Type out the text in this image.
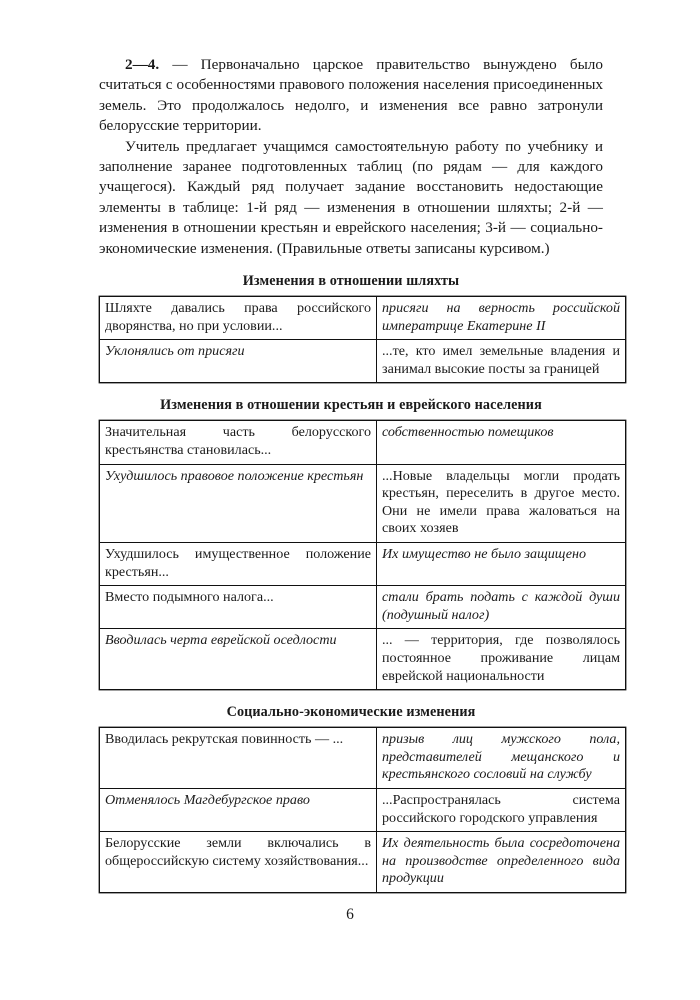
2—4. — Первоначально царское правительство вынуждено было считаться с особенностями правового положения населения присоединенных земель. Это продолжалось недолго, и изменения все равно затронули белорусские территории.

Учитель предлагает учащимся самостоятельную работу по учебнику и заполнение заранее подготовленных таблиц (по рядам — для каждого учащегося). Каждый ряд получает задание восстановить недостающие элементы в таблице: 1-й ряд — изменения в отношении шляхты; 2-й — изменения в отношении крестьян и еврейского населения; 3-й — социально-экономические изменения. (Правильные ответы записаны курсивом.)

Изменения в отношении шляхты
Шляхте давались права российского дворянства, но при условии...	присяги на верность российской императрице Екатерине II
Уклонялись от присяги	...те, кто имел земельные владения и занимал высокие посты за границей
Изменения в отношении крестьян и еврейского населения
Значительная часть белорусского крестьянства становилась...	собственностью помещиков
Ухудшилось правовое положение крестьян	...Новые владельцы могли продать крестьян, переселить в другое место. Они не имели права жаловаться на своих хозяев
Ухудшилось имущественное положение крестьян...	Их имущество не было защищено
Вместо подымного налога...	стали брать подать с каждой души (подушный налог)
Вводилась черта еврейской оседлости	... — территория, где позволялось постоянное проживание лицам еврейской национальности
Социально-экономические изменения
Вводилась рекрутская повинность — ...	призыв лиц мужского пола, представителей мещанского и крестьянского сословий на службу
Отменялось Магдебургское право	...Распространялась система российского городского управления
Белорусские земли включались в общероссийскую систему хозяйствования...	Их деятельность была сосредоточена на производстве определенного вида продукции
6
